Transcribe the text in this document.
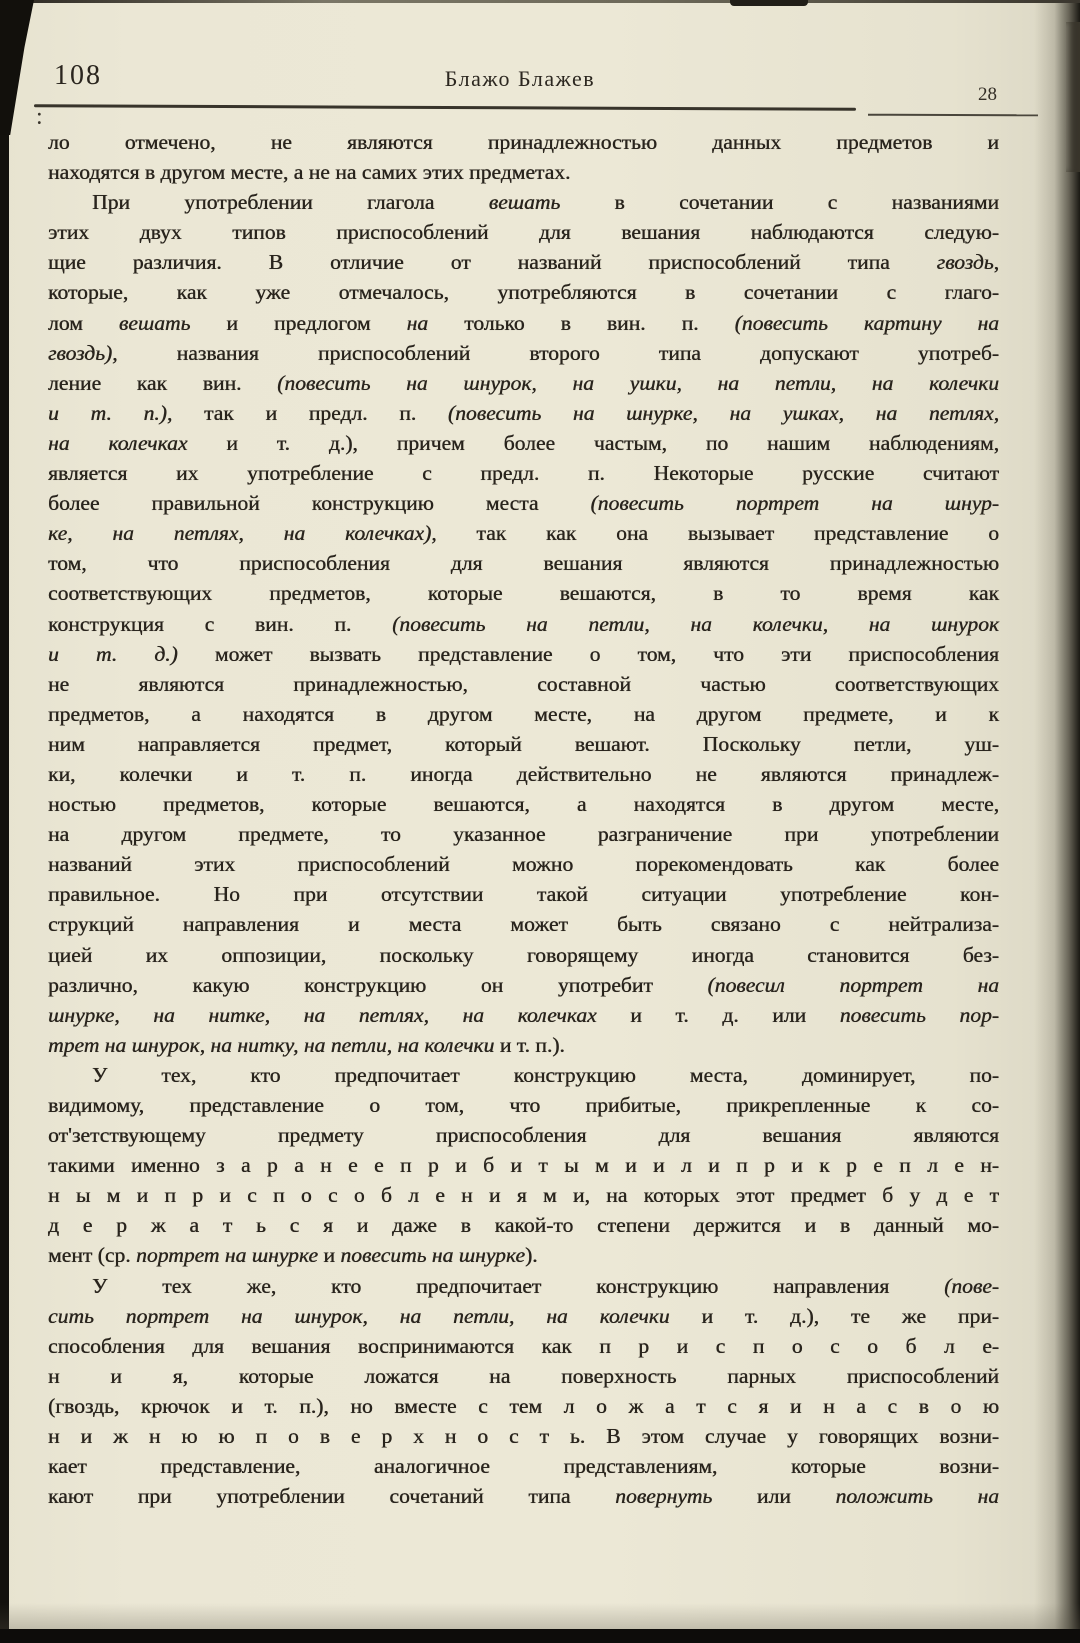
108	Блажо Блажев
28
:
ло отмечено, не являются принадлежностью данных предметов и
находятся в другом месте, а не на самих этих предметах.
При употреблении глагола вешать в сочетании с названиями
этих двух типов приспособлений для вешания наблюдаются следую-
щие различия. В отличие от названий приспособлений типа гвоздь,
которые, как уже отмечалось, употребляются в сочетании с глаго-
лом вешать и предлогом на только в вин. п. (повесить картину на
гвоздь), названия приспособлений второго типа допускают употреб-
ление как вин. (повесить на шнурок, на ушки, на петли, на колечки
и т. п.), так и предл. п. (повесить на шнурке, на ушках, на петлях,
на колечках и т. д.), причем более частым, по нашим наблюдениям,
является их употребление с предл. п. Некоторые русские считают
более правильной конструкцию места (повесить портрет на шнур-
ке, на петлях, на колечках), так как она вызывает представление о
том, что приспособления для вешания являются принадлежностью
соответствующих предметов, которые вешаются, в то время как
конструкция с вин. п. (повесить на петли, на колечки, на шнурок
и т. д.) может вызвать представление о том, что эти приспособления
не являются принадлежностью, составной частью соответствующих
предметов, а находятся в другом месте, на другом предмете, и к
ним направляется предмет, который вешают. Поскольку петли, уш-
ки, колечки и т. п. иногда действительно не являются принадлеж-
ностью предметов, которые вешаются, а находятся в другом месте,
на другом предмете, то указанное разграничение при употреблении
названий этих приспособлений можно порекомендовать как более
правильное. Но при отсутствии такой ситуации употребление кон-
струкций направления и места может быть связано с нейтрализа-
цией их оппозиции, поскольку говорящему иногда становится без-
различно, какую конструкцию он употребит (повесил портрет на
шнурке, на нитке, на петлях, на колечках и т. д. или повесить пор-
трет на шнурок, на нитку, на петли, на колечки и т. п.).
У тех, кто предпочитает конструкцию места, доминирует, по-
видимому, представление о том, что прибитые, прикрепленные к со-
от'зетствующему предмету приспособления для вешания являются
такими именно з а р а н е е п р и б и т ы м и и л и п р и к р е п л е н-
н ы м и п р и с п о с о б л е н и я м и, на которых этот предмет б у д е т
д е р ж а т ь с я и даже в какой-то степени держится и в данный мо-
мент (ср. портрет на шнурке и повесить на шнурке).
У тех же, кто предпочитает конструкцию направления (пове-
сить портрет на шнурок, на петли, на колечки и т. д.), те же при-
способления для вешания воспринимаются как п р и с п о с о б л е-
н и я, которые ложатся на поверхность парных приспособлений
(гвоздь, крючок и т. п.), но вместе с тем л о ж а т с я и н а с в о ю
н и ж н ю ю п о в е р х н о с т ь. В этом случае у говорящих возни-
кает представление, аналогичное представлениям, которые возни-
кают при употреблении сочетаний типа повернуть или положить на
